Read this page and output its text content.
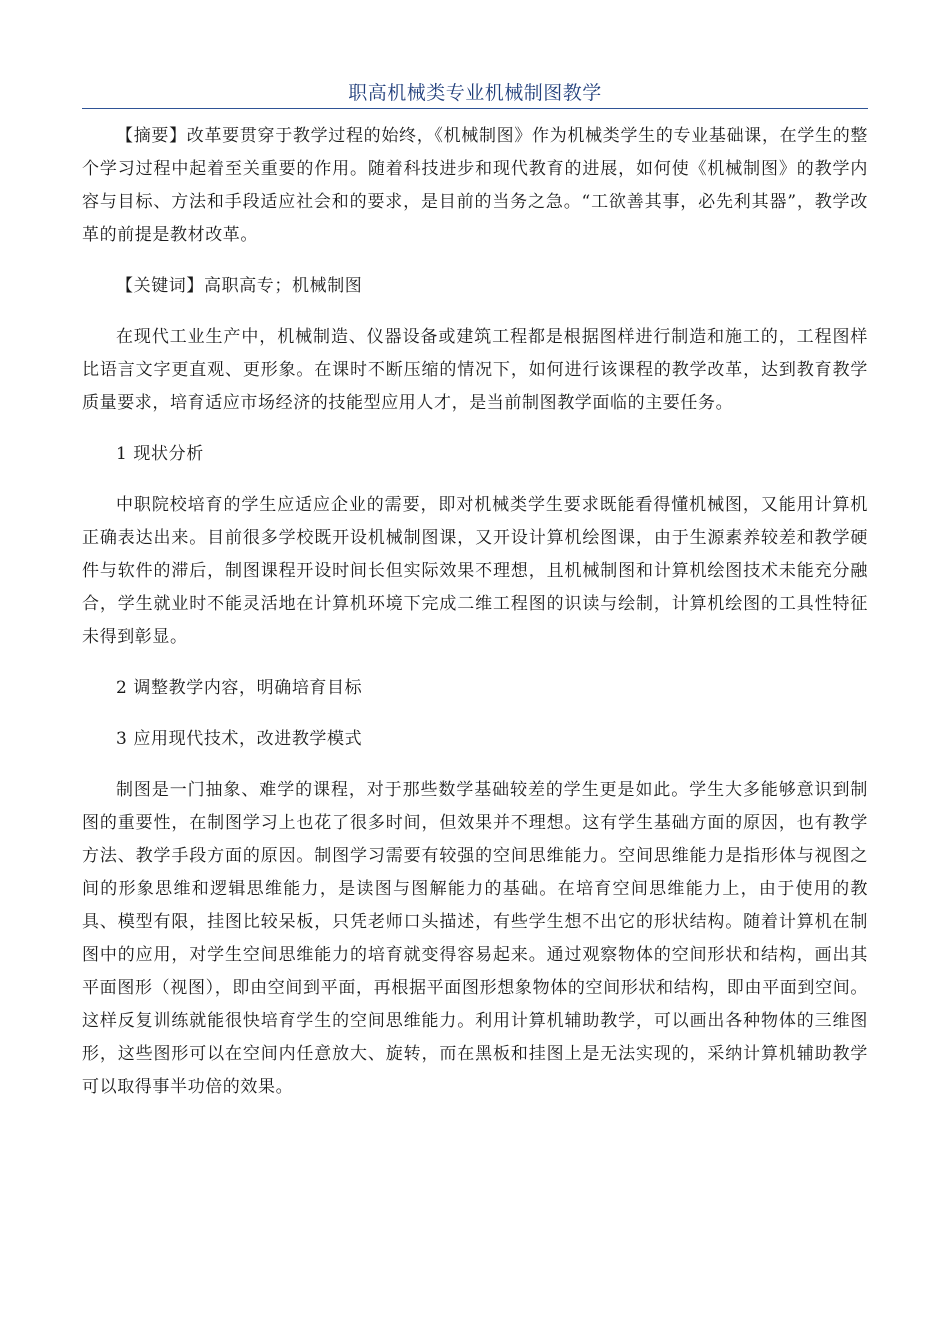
职高机械类专业机械制图教学

【摘要】改革要贯穿于教学过程的始终，《机械制图》作为机械类学生的专业基础课，在学生的整个学习过程中起着至关重要的作用。随着科技进步和现代教育的进展，如何使《机械制图》的教学内容与目标、方法和手段适应社会和的要求，是目前的当务之急。“工欲善其事，必先利其器”，教学改革的前提是教材改革。

【关键词】高职高专；机械制图

在现代工业生产中，机械制造、仪器设备或建筑工程都是根据图样进行制造和施工的，工程图样比语言文字更直观、更形象。在课时不断压缩的情况下，如何进行该课程的教学改革，达到教育教学质量要求，培育适应市场经济的技能型应用人才，是当前制图教学面临的主要任务。

1 现状分析

中职院校培育的学生应适应企业的需要，即对机械类学生要求既能看得懂机械图，又能用计算机正确表达出来。目前很多学校既开设机械制图课，又开设计算机绘图课，由于生源素养较差和教学硬件与软件的滞后，制图课程开设时间长但实际效果不理想，且机械制图和计算机绘图技术未能充分融合，学生就业时不能灵活地在计算机环境下完成二维工程图的识读与绘制，计算机绘图的工具性特征未得到彰显。

2 调整教学内容，明确培育目标

3 应用现代技术，改进教学模式

制图是一门抽象、难学的课程，对于那些数学基础较差的学生更是如此。学生大多能够意识到制图的重要性，在制图学习上也花了很多时间，但效果并不理想。这有学生基础方面的原因，也有教学方法、教学手段方面的原因。制图学习需要有较强的空间思维能力。空间思维能力是指形体与视图之间的形象思维和逻辑思维能力，是读图与图解能力的基础。在培育空间思维能力上，由于使用的教具、模型有限，挂图比较呆板，只凭老师口头描述，有些学生想不出它的形状结构。随着计算机在制图中的应用，对学生空间思维能力的培育就变得容易起来。通过观察物体的空间形状和结构，画出其平面图形（视图），即由空间到平面，再根据平面图形想象物体的空间形状和结构，即由平面到空间。这样反复训练就能很快培育学生的空间思维能力。利用计算机辅助教学，可以画出各种物体的三维图形，这些图形可以在空间内任意放大、旋转，而在黑板和挂图上是无法实现的，采纳计算机辅助教学可以取得事半功倍的效果。
